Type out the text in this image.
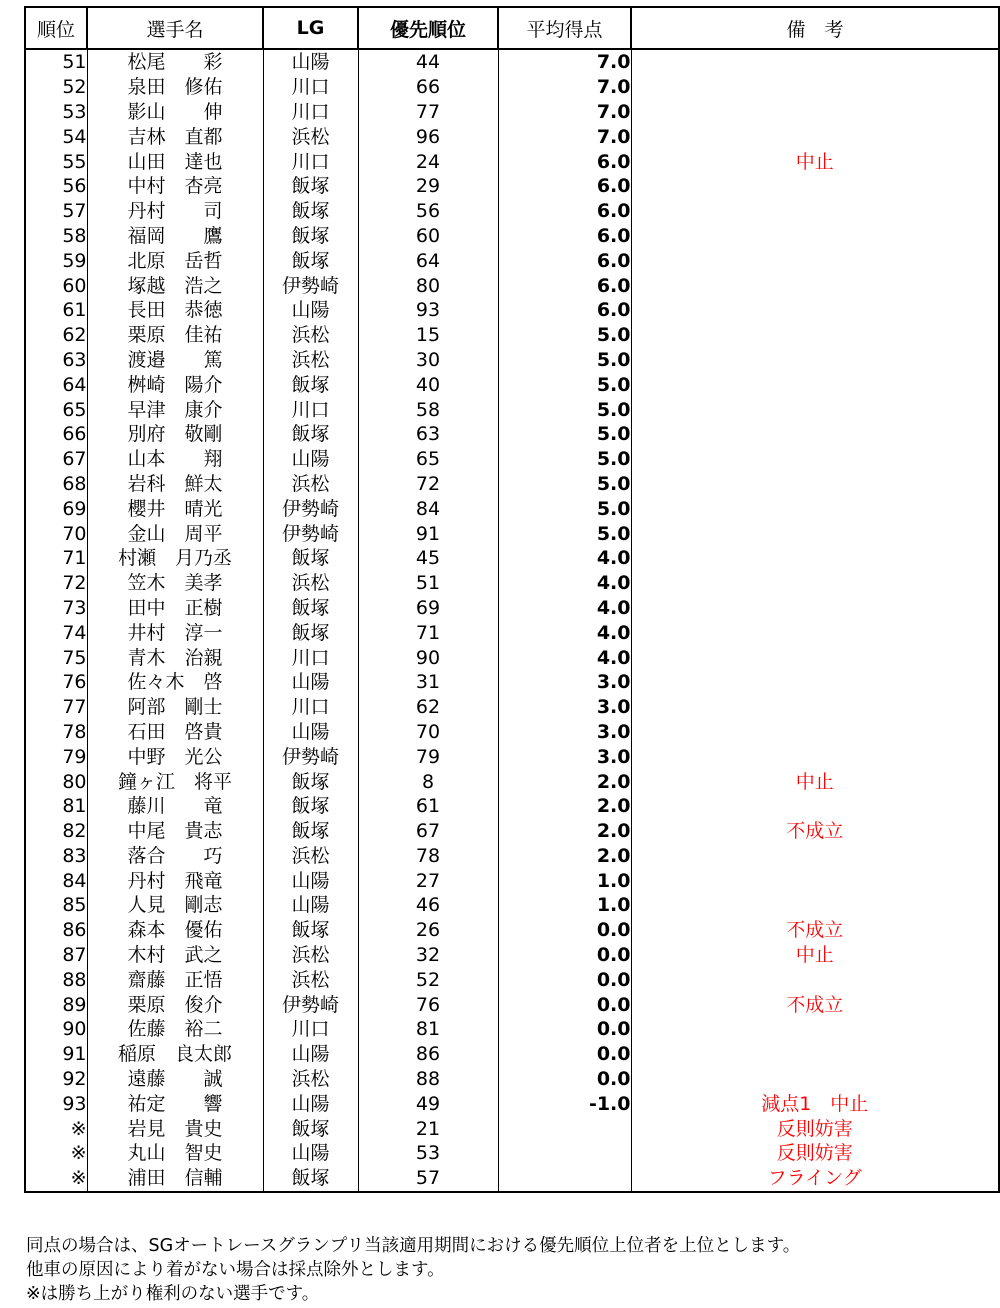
順位	選手名	LG	優先順位	平均得点	備　考
51	松尾　　彩	山陽	44	7.0	
52	泉田　修佑	川口	66	7.0	
53	影山　　伸	川口	77	7.0	
54	吉林　直都	浜松	96	7.0	
55	山田　達也	川口	24	6.0	中止
56	中村　杏亮	飯塚	29	6.0	
57	丹村　　司	飯塚	56	6.0	
58	福岡　　鷹	飯塚	60	6.0	
59	北原　岳哲	飯塚	64	6.0	
60	塚越　浩之	伊勢崎	80	6.0	
61	長田　恭徳	山陽	93	6.0	
62	栗原　佳祐	浜松	15	5.0	
63	渡邉　　篤	浜松	30	5.0	
64	桝崎　陽介	飯塚	40	5.0	
65	早津　康介	川口	58	5.0	
66	別府　敬剛	飯塚	63	5.0	
67	山本　　翔	山陽	65	5.0	
68	岩科　鮮太	浜松	72	5.0	
69	櫻井　晴光	伊勢崎	84	5.0	
70	金山　周平	伊勢崎	91	5.0	
71	村瀬　月乃丞	飯塚	45	4.0	
72	笠木　美孝	浜松	51	4.0	
73	田中　正樹	飯塚	69	4.0	
74	井村　淳一	飯塚	71	4.0	
75	青木　治親	川口	90	4.0	
76	佐々木　啓	山陽	31	3.0	
77	阿部　剛士	川口	62	3.0	
78	石田　啓貴	山陽	70	3.0	
79	中野　光公	伊勢崎	79	3.0	
80	鐘ヶ江　将平	飯塚	8	2.0	中止
81	藤川　　竜	飯塚	61	2.0	
82	中尾　貴志	飯塚	67	2.0	不成立
83	落合　　巧	浜松	78	2.0	
84	丹村　飛竜	山陽	27	1.0	
85	人見　剛志	山陽	46	1.0	
86	森本　優佑	飯塚	26	0.0	不成立
87	木村　武之	浜松	32	0.0	中止
88	齋藤　正悟	浜松	52	0.0	
89	栗原　俊介	伊勢崎	76	0.0	不成立
90	佐藤　裕二	川口	81	0.0	
91	稲原　良太郎	山陽	86	0.0	
92	遠藤　　誠	浜松	88	0.0	
93	祐定　　響	山陽	49	-1.0	減点1　中止
※	岩見　貴史	飯塚	21		反則妨害
※	丸山　智史	山陽	53		反則妨害
※	浦田　信輔	飯塚	57		フライング
同点の場合は、SGオートレースグランプリ当該適用期間における優先順位上位者を上位とします。
他車の原因により着がない場合は採点除外とします。
※は勝ち上がり権利のない選手です。
